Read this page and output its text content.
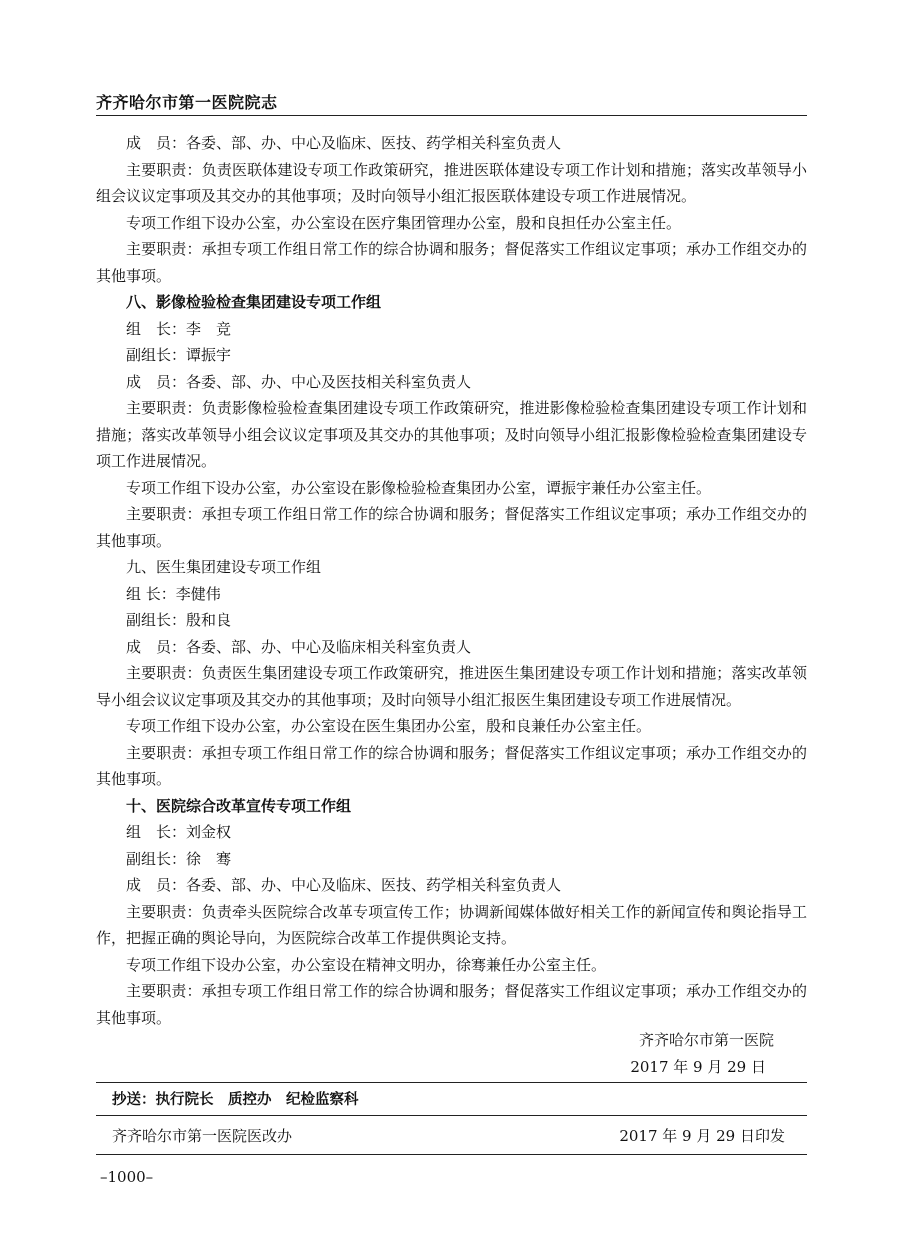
齐齐哈尔市第一医院院志

成　员：各委、部、办、中心及临床、医技、药学相关科室负责人

主要职责：负责医联体建设专项工作政策研究，推进医联体建设专项工作计划和措施；落实改革领导小组会议议定事项及其交办的其他事项；及时向领导小组汇报医联体建设专项工作进展情况。

专项工作组下设办公室，办公室设在医疗集团管理办公室，殷和良担任办公室主任。

主要职责：承担专项工作组日常工作的综合协调和服务；督促落实工作组议定事项；承办工作组交办的其他事项。

八、影像检验检查集团建设专项工作组

组　长：李　竞

副组长：谭振宇

成　员：各委、部、办、中心及医技相关科室负责人

主要职责：负责影像检验检查集团建设专项工作政策研究，推进影像检验检查集团建设专项工作计划和措施；落实改革领导小组会议议定事项及其交办的其他事项；及时向领导小组汇报影像检验检查集团建设专项工作进展情况。

专项工作组下设办公室，办公室设在影像检验检查集团办公室，谭振宇兼任办公室主任。

主要职责：承担专项工作组日常工作的综合协调和服务；督促落实工作组议定事项；承办工作组交办的其他事项。

九、医生集团建设专项工作组

组 长：李健伟

副组长：殷和良

成　员：各委、部、办、中心及临床相关科室负责人

主要职责：负责医生集团建设专项工作政策研究，推进医生集团建设专项工作计划和措施；落实改革领导小组会议议定事项及其交办的其他事项；及时向领导小组汇报医生集团建设专项工作进展情况。

专项工作组下设办公室，办公室设在医生集团办公室，殷和良兼任办公室主任。

主要职责：承担专项工作组日常工作的综合协调和服务；督促落实工作组议定事项；承办工作组交办的其他事项。

十、医院综合改革宣传专项工作组

组　长：刘金权

副组长：徐　骞

成　员：各委、部、办、中心及临床、医技、药学相关科室负责人

主要职责：负责牵头医院综合改革专项宣传工作；协调新闻媒体做好相关工作的新闻宣传和舆论指导工作，把握正确的舆论导向，为医院综合改革工作提供舆论支持。

专项工作组下设办公室，办公室设在精神文明办，徐骞兼任办公室主任。

主要职责：承担专项工作组日常工作的综合协调和服务；督促落实工作组议定事项；承办工作组交办的其他事项。

齐齐哈尔市第一医院
2017 年 9 月 29 日
抄送：执行院长　质控办　纪检监察科
齐齐哈尔市第一医院医改办	2017 年 9 月 29 日印发
–1000–
